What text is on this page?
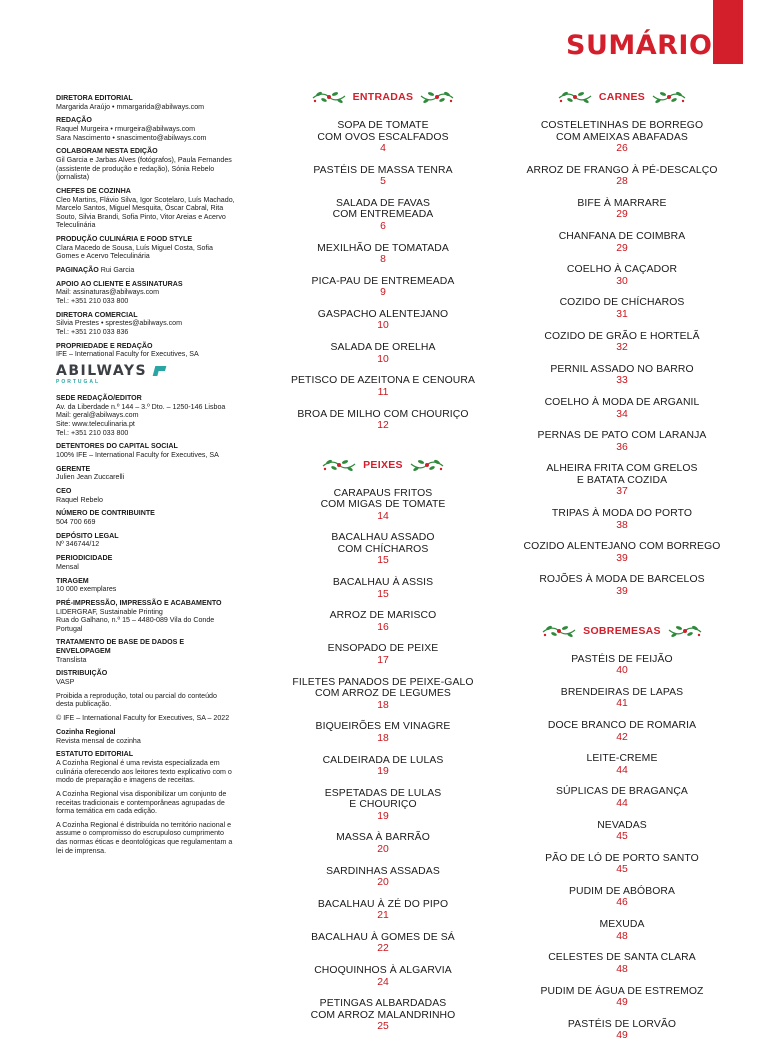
SUMÁRIO
DIRETORA EDITORIAL
Margarida Araújo • mmargarida@abilways.com
REDAÇÃO
Raquel Murgeira • rmurgeira@abilways.com
Sara Nascimento • snascimento@abilways.com
COLABORAM NESTA EDIÇÃO
Gil Garcia e Jarbas Alves (fotógrafos), Paula Fernandes (assistente de produção e redação), Sónia Rebelo (jornalista)
CHEFES DE COZINHA
Cleo Martins, Flávio Silva, Igor Scotelaro, Luís Machado, Marcelo Santos, Miguel Mesquita, Óscar Cabral, Rita Souto, Silvia Brandi, Sofia Pinto, Vitor Areias e Acervo Teleculinária
PRODUÇÃO CULINÁRIA E FOOD STYLE
Clara Macedo de Sousa, Luís Miguel Costa, Sofia Gomes e Acervo Teleculinária
PAGINAÇÃO Rui Garcia
APOIO AO CLIENTE E ASSINATURAS
Mail: assinaturas@abilways.com
Tel.: +351 210 033 800
DIRETORA COMERCIAL
Silvia Prestes • sprestes@abilways.com
Tel.: +351 210 033 836
PROPRIEDADE E REDAÇÃO
IFE – International Faculty for Executives, SA
ABILWAYS
PORTUGAL
SEDE REDAÇÃO/EDITOR
Av. da Liberdade n.º 144 – 3.º Dto. – 1250-146 Lisboa
Mail: geral@abilways.com
Site: www.teleculinaria.pt
Tel.: +351 210 033 800
DETENTORES DO CAPITAL SOCIAL
100% IFE – International Faculty for Executives, SA
GERENTE
Julien Jean Zuccarelli
CEO
Raquel Rebelo
NÚMERO DE CONTRIBUINTE
504 700 669
DEPÓSITO LEGAL
Nº 346744/12
PERIODICIDADE
Mensal
TIRAGEM
10 000 exemplares
PRÉ-IMPRESSÃO, IMPRESSÃO E ACABAMENTO
LIDERGRAF, Sustainable Printing
Rua do Galhano, n.º 15 – 4480-089 Vila do Conde
Portugal
TRATAMENTO DE BASE DE DADOS E ENVELOPAGEM
Translista
DISTRIBUIÇÃO
VASP
Proibida a reprodução, total ou parcial do conteúdo desta publicação.
© IFE – International Faculty for Executives, SA – 2022
Cozinha Regional
Revista mensal de cozinha
ESTATUTO EDITORIAL
A Cozinha Regional é uma revista especializada em culinária oferecendo aos leitores texto explicativo com o modo de preparação e imagens de receitas.
A Cozinha Regional visa disponibilizar um conjunto de receitas tradicionais e contemporâneas agrupadas de forma temática em cada edição.
A Cozinha Regional é distribuída no território nacional e assume o compromisso do escrupuloso cumprimento das normas éticas e deontológicas que regulamentam a lei de imprensa.
ENTRADAS
SOPA DE TOMATE
COM OVOS ESCALFADOS
4
PASTÉIS DE MASSA TENRA
5
SALADA DE FAVAS
COM ENTREMEADA
6
MEXILHÃO DE TOMATADA
8
PICA-PAU DE ENTREMEADA
9
GASPACHO ALENTEJANO
10
SALADA DE ORELHA
10
PETISCO DE AZEITONA E CENOURA
11
BROA DE MILHO COM CHOURIÇO
12
PEIXES
CARAPAUS FRITOS
COM MIGAS DE TOMATE
14
BACALHAU ASSADO
COM CHÍCHAROS
15
BACALHAU À ASSIS
15
ARROZ DE MARISCO
16
ENSOPADO DE PEIXE
17
FILETES PANADOS DE PEIXE-GALO
COM ARROZ DE LEGUMES
18
BIQUEIRÕES EM VINAGRE
18
CALDEIRADA DE LULAS
19
ESPETADAS DE LULAS
E CHOURIÇO
19
MASSA À BARRÃO
20
SARDINHAS ASSADAS
20
BACALHAU À ZÉ DO PIPO
21
BACALHAU À GOMES DE SÁ
22
CHOQUINHOS À ALGARVIA
24
PETINGAS ALBARDADAS
COM ARROZ MALANDRINHO
25
CARNES
COSTELETINHAS DE BORREGO
COM AMEIXAS ABAFADAS
26
ARROZ DE FRANGO À PÉ-DESCALÇO
28
BIFE À MARRARE
29
CHANFANA DE COIMBRA
29
COELHO À CAÇADOR
30
COZIDO DE CHÍCHAROS
31
COZIDO DE GRÃO E HORTELÃ
32
PERNIL ASSADO NO BARRO
33
COELHO À MODA DE ARGANIL
34
PERNAS DE PATO COM LARANJA
36
ALHEIRA FRITA COM GRELOS
E BATATA COZIDA
37
TRIPAS À MODA DO PORTO
38
COZIDO ALENTEJANO COM BORREGO
39
ROJÕES À MODA DE BARCELOS
39
SOBREMESAS
PASTÉIS DE FEIJÃO
40
BRENDEIRAS DE LAPAS
41
DOCE BRANCO DE ROMARIA
42
LEITE-CREME
44
SÚPLICAS DE BRAGANÇA
44
NEVADAS
45
PÃO DE LÓ DE PORTO SANTO
45
PUDIM DE ABÓBORA
46
MEXUDA
48
CELESTES DE SANTA CLARA
48
PUDIM DE ÁGUA DE ESTREMOZ
49
PASTÉIS DE LORVÃO
49
